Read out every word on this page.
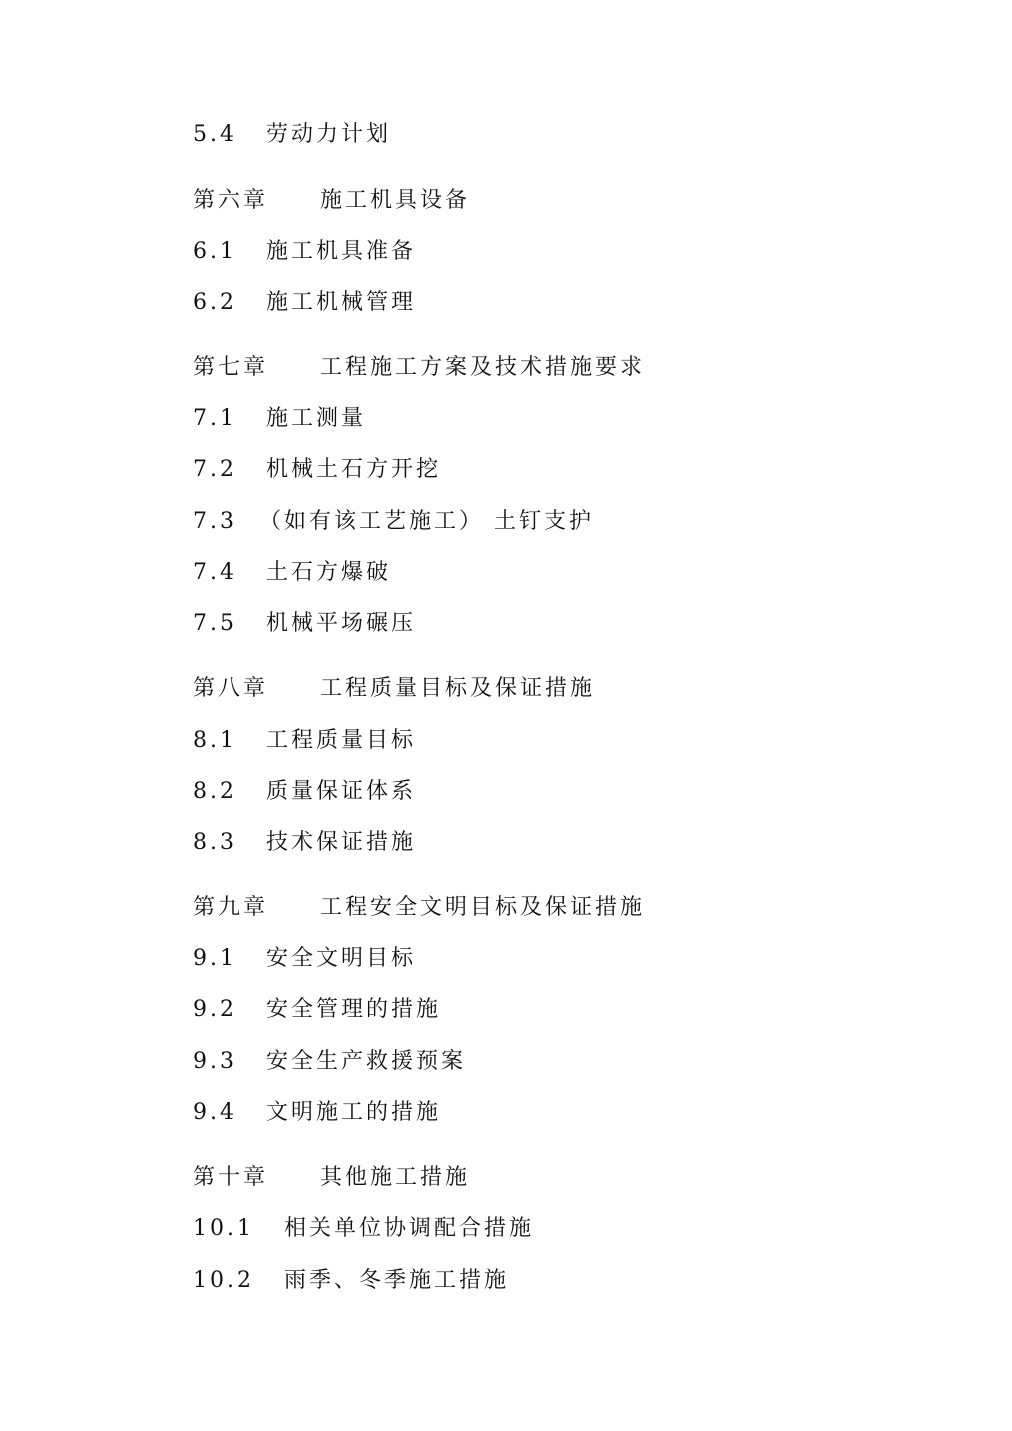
5.4 劳动力计划
第六章 施工机具设备
6.1 施工机具准备
6.2 施工机械管理
第七章 工程施工方案及技术措施要求
7.1 施工测量
7.2 机械土石方开挖
7.3 （如有该工艺施工） 土钉支护
7.4 土石方爆破
7.5 机械平场碾压
第八章 工程质量目标及保证措施
8.1 工程质量目标
8.2 质量保证体系
8.3 技术保证措施
第九章 工程安全文明目标及保证措施
9.1 安全文明目标
9.2 安全管理的措施
9.3 安全生产救援预案
9.4 文明施工的措施
第十章 其他施工措施
10.1 相关单位协调配合措施
10.2 雨季、冬季施工措施
